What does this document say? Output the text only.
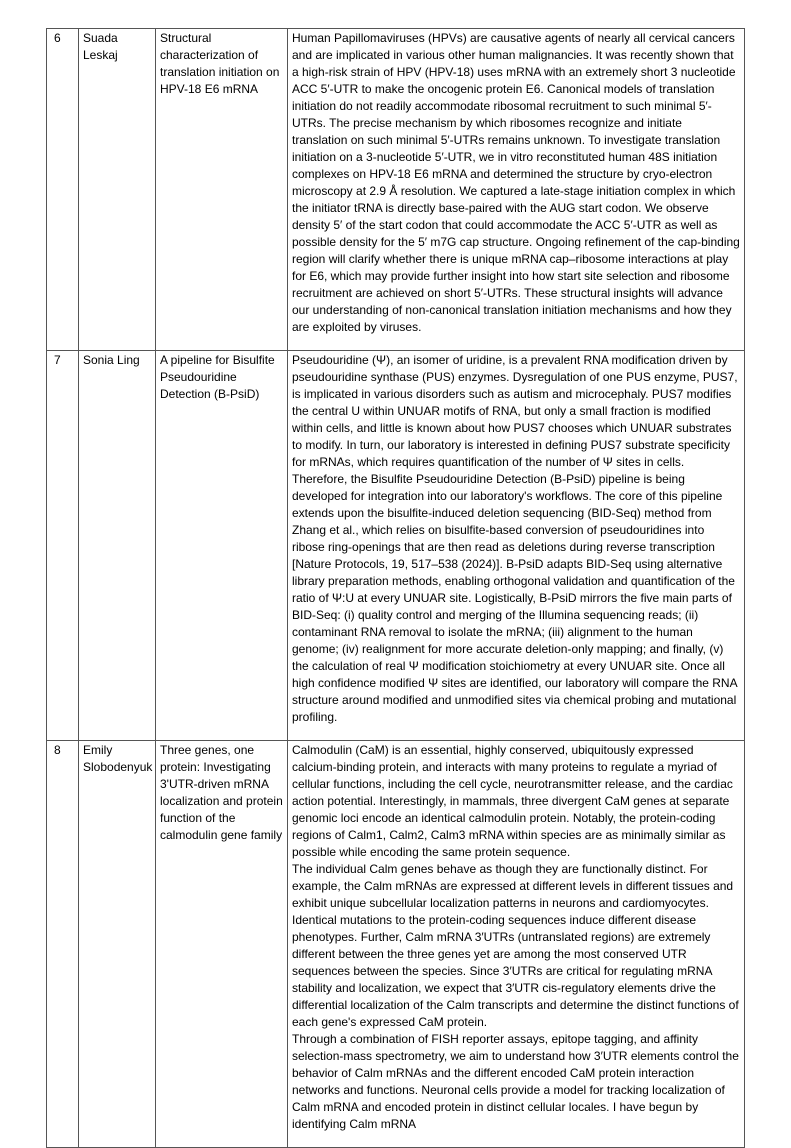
6	Suada Leskaj	Structural characterization of translation initiation on HPV-18 E6 mRNA	Human Papillomaviruses (HPVs) are causative agents of nearly all cervical cancers and are implicated in various other human malignancies. It was recently shown that a high-risk strain of HPV (HPV-18) uses mRNA with an extremely short 3 nucleotide ACC 5′-UTR to make the oncogenic protein E6. Canonical models of translation initiation do not readily accommodate ribosomal recruitment to such minimal 5′-UTRs. The precise mechanism by which ribosomes recognize and initiate translation on such minimal 5′-UTRs remains unknown. To investigate translation initiation on a 3-nucleotide 5′-UTR, we in vitro reconstituted human 48S initiation complexes on HPV-18 E6 mRNA and determined the structure by cryo-electron microscopy at 2.9 Å resolution. We captured a late-stage initiation complex in which the initiator tRNA is directly base-paired with the AUG start codon. We observe density 5′ of the start codon that could accommodate the ACC 5′-UTR as well as possible density for the 5′ m7G cap structure. Ongoing refinement of the cap-binding region will clarify whether there is unique mRNA cap–ribosome interactions at play for E6, which may provide further insight into how start site selection and ribosome recruitment are achieved on short 5′-UTRs. These structural insights will advance our understanding of non-canonical translation initiation mechanisms and how they are exploited by viruses.

7	Sonia Ling	A pipeline for Bisulfite Pseudouridine Detection (B-PsiD)	Pseudouridine (Ψ), an isomer of uridine, is a prevalent RNA modification driven by pseudouridine synthase (PUS) enzymes. Dysregulation of one PUS enzyme, PUS7, is implicated in various disorders such as autism and microcephaly. PUS7 modifies the central U within UNUAR motifs of RNA, but only a small fraction is modified within cells, and little is known about how PUS7 chooses which UNUAR substrates to modify. In turn, our laboratory is interested in defining PUS7 substrate specificity for mRNAs, which requires quantification of the number of Ψ sites in cells. Therefore, the Bisulfite Pseudouridine Detection (B-PsiD) pipeline is being developed for integration into our laboratory's workflows. The core of this pipeline extends upon the bisulfite-induced deletion sequencing (BID-Seq) method from Zhang et al., which relies on bisulfite-based conversion of pseudouridines into ribose ring-openings that are then read as deletions during reverse transcription [Nature Protocols, 19, 517–538 (2024)]. B-PsiD adapts BID-Seq using alternative library preparation methods, enabling orthogonal validation and quantification of the ratio of Ψ:U at every UNUAR site. Logistically, B-PsiD mirrors the five main parts of BID-Seq: (i) quality control and merging of the Illumina sequencing reads; (ii) contaminant RNA removal to isolate the mRNA; (iii) alignment to the human genome; (iv) realignment for more accurate deletion-only mapping; and finally, (v) the calculation of real Ψ modification stoichiometry at every UNUAR site. Once all high confidence modified Ψ sites are identified, our laboratory will compare the RNA structure around modified and unmodified sites via chemical probing and mutational profiling.

8	Emily Slobodenyuk	Three genes, one protein: Investigating 3'UTR-driven mRNA localization and protein function of the calmodulin gene family	Calmodulin (CaM) is an essential, highly conserved, ubiquitously expressed calcium-binding protein, and interacts with many proteins to regulate a myriad of cellular functions, including the cell cycle, neurotransmitter release, and the cardiac action potential. Interestingly, in mammals, three divergent CaM genes at separate genomic loci encode an identical calmodulin protein. Notably, the protein-coding regions of Calm1, Calm2, Calm3 mRNA within species are as minimally similar as possible while encoding the same protein sequence.
The individual Calm genes behave as though they are functionally distinct. For example, the Calm mRNAs are expressed at different levels in different tissues and exhibit unique subcellular localization patterns in neurons and cardiomyocytes. Identical mutations to the protein-coding sequences induce different disease phenotypes. Further, Calm mRNA 3′UTRs (untranslated regions) are extremely different between the three genes yet are among the most conserved UTR sequences between the species. Since 3′UTRs are critical for regulating mRNA stability and localization, we expect that 3′UTR cis-regulatory elements drive the differential localization of the Calm transcripts and determine the distinct functions of each gene's expressed CaM protein.
Through a combination of FISH reporter assays, epitope tagging, and affinity selection-mass spectrometry, we aim to understand how 3′UTR elements control the behavior of Calm mRNAs and the different encoded CaM protein interaction networks and functions. Neuronal cells provide a model for tracking localization of Calm mRNA and encoded protein in distinct cellular locales. I have begun by identifying Calm mRNA
